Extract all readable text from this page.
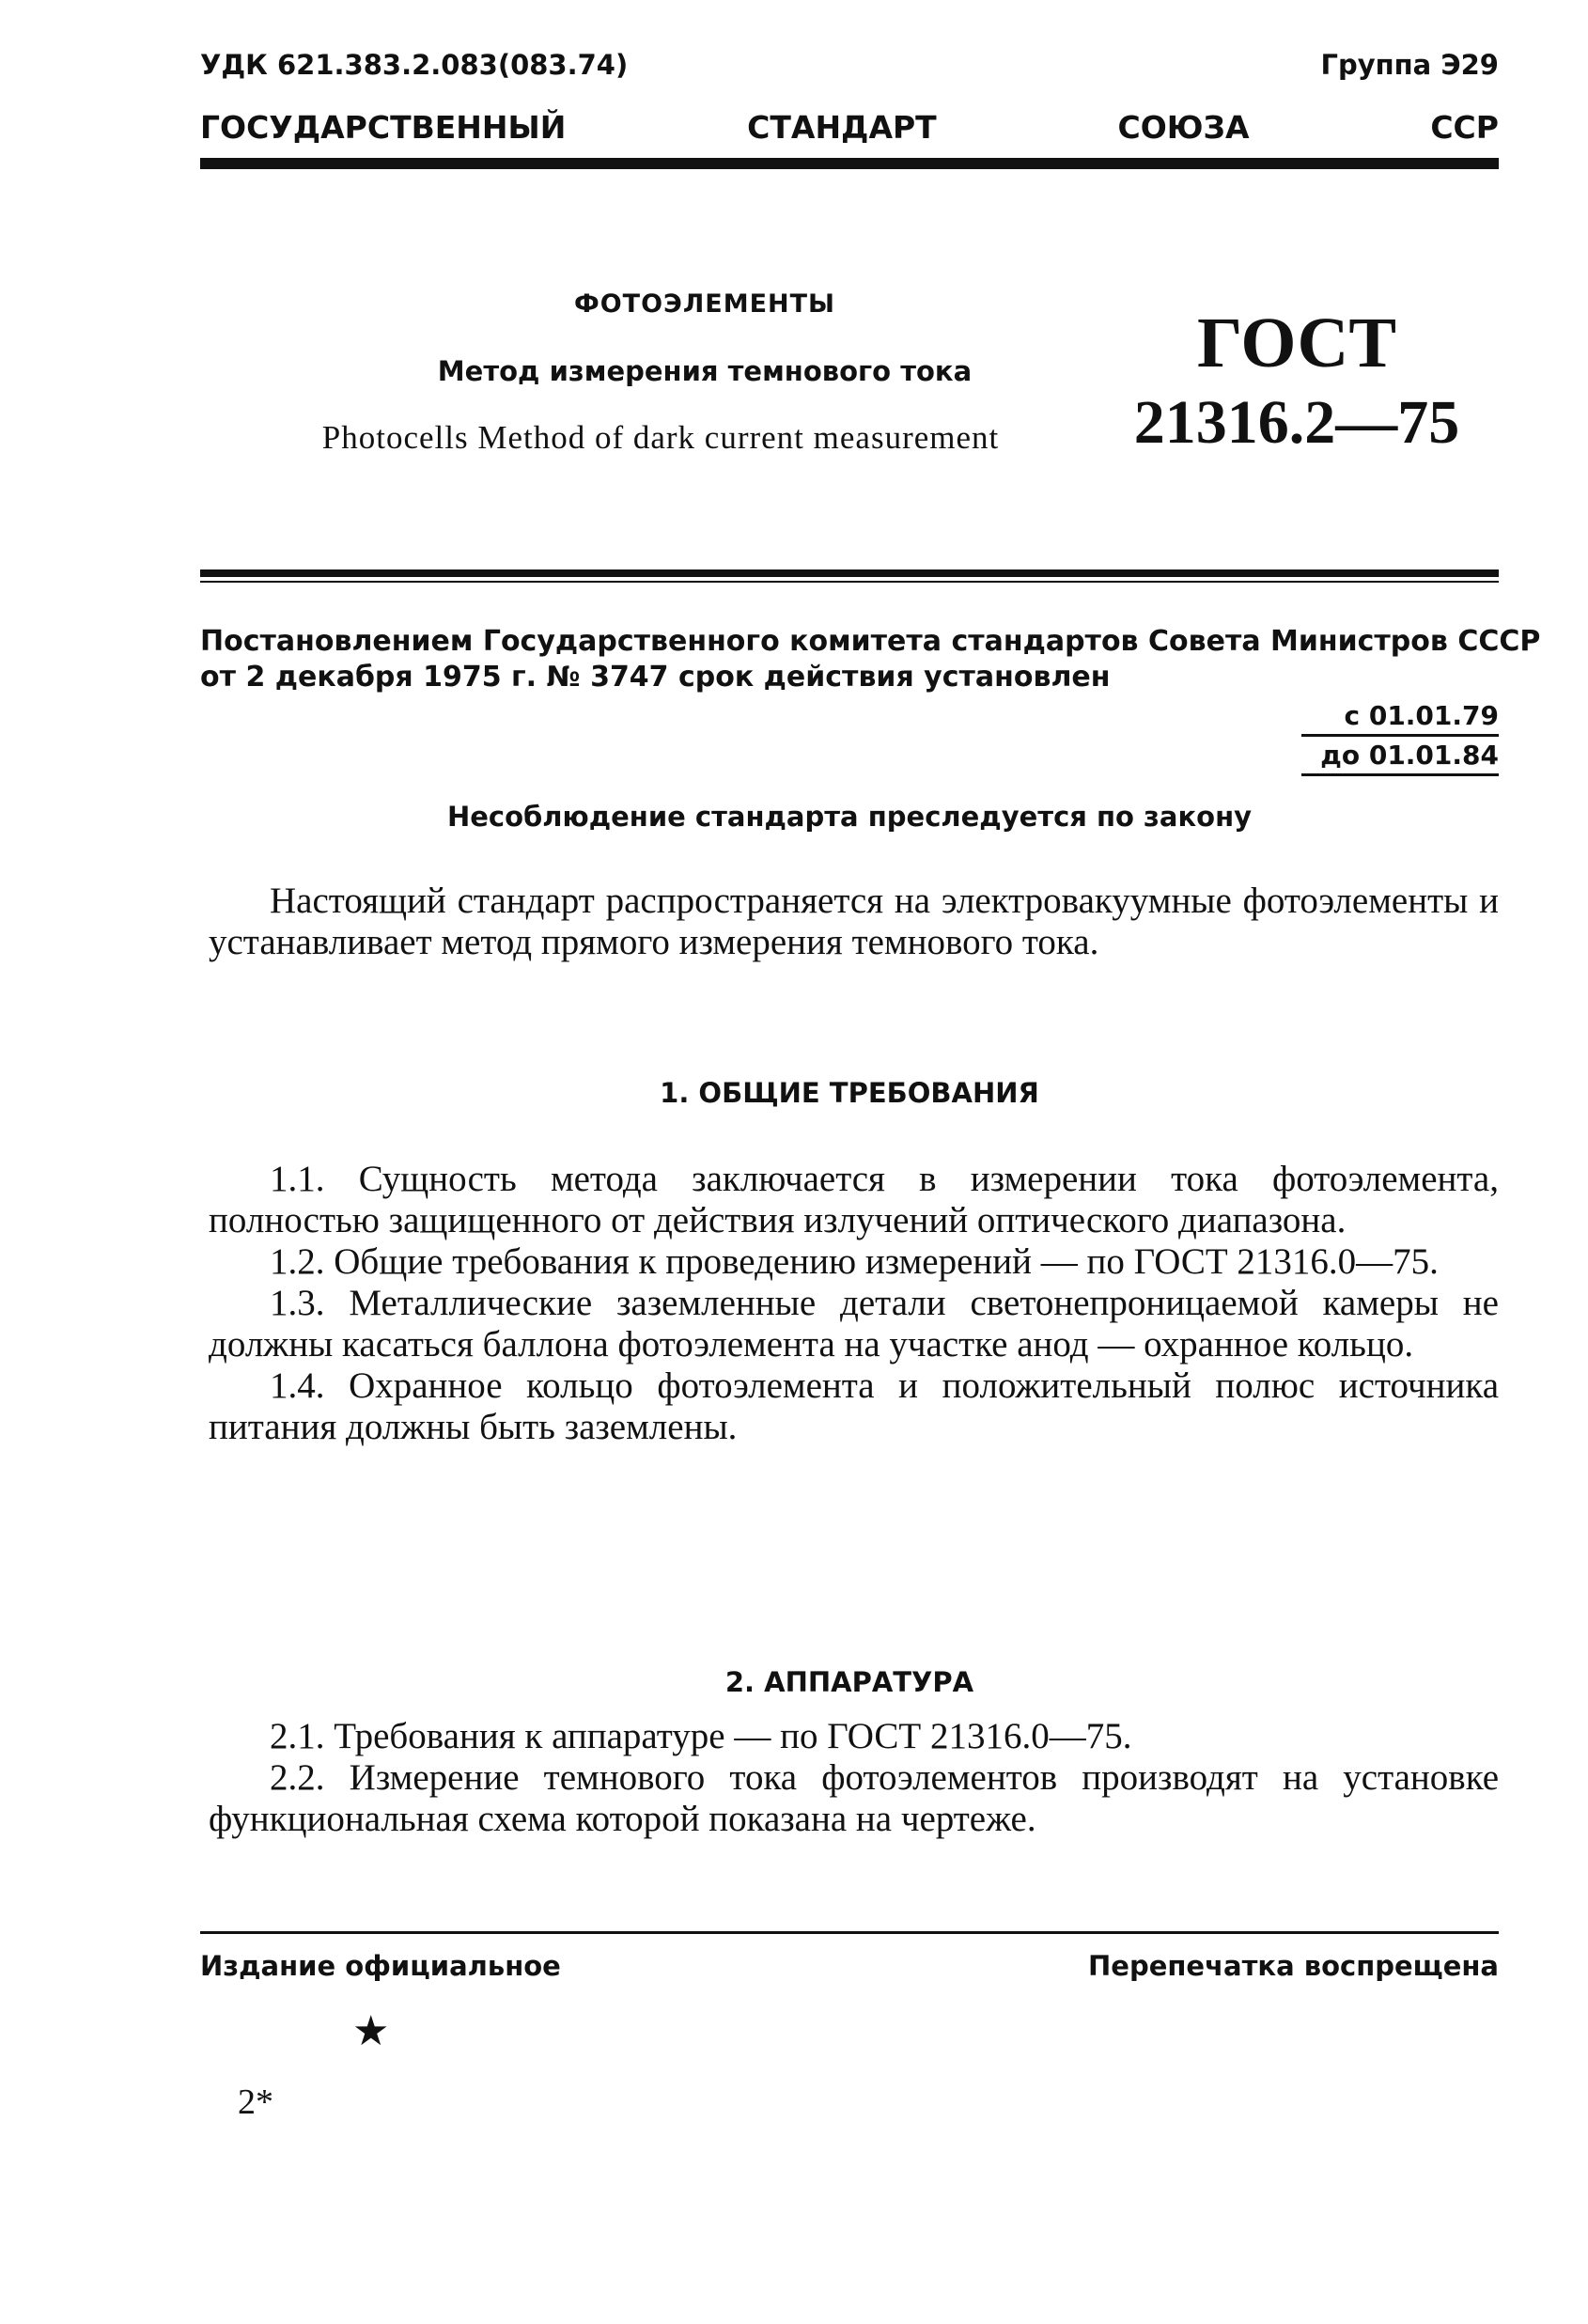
УДК 621.383.2.083(083.74)	Группа Э29
ГОСУДАРСТВЕННЫЙ	СТАНДАРТ	СОЮЗА	ССР
ФОТОЭЛЕМЕНТЫ
Метод измерения темнового тока
Photocells Method of dark current measurement
ГОСТ
21316.2—75
Постановлением Государственного комитета стандартов Совета Министров СССР
от 2 декабря 1975 г. № 3747 срок действия установлен
с 01.01.79
до 01.01.84
Несоблюдение стандарта преследуется по закону

Настоящий стандарт распространяется на электровакуумные фотоэлементы и устанавливает метод прямого измерения темнового тока.

1. ОБЩИЕ ТРЕБОВАНИЯ

1.1. Сущность метода заключается в измерении тока фотоэлемента, полностью защищенного от действия излучений оптического диапазона.

1.2. Общие требования к проведению измерений — по ГОСТ 21316.0—75.

1.3. Металлические заземленные детали светонепроницаемой камеры не должны касаться баллона фотоэлемента на участке анод — охранное кольцо.

1.4. Охранное кольцо фотоэлемента и положительный полюс источника питания должны быть заземлены.

2. АППАРАТУРА

2.1. Требования к аппаратуре — по ГОСТ 21316.0—75.

2.2. Измерение темнового тока фотоэлементов производят на установке функциональная схема которой показана на чертеже.

Издание официальное	Перепечатка воспрещена
★
2*
